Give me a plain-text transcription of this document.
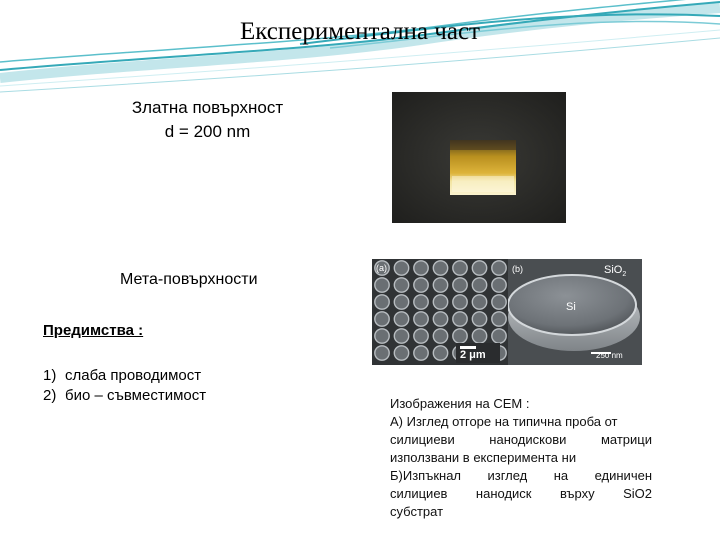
Експериментална част
Златна повърхност
d = 200 nm
Мета-повърхности
Предимства :
1) слаба проводимост
2) био – съвместимост
(a)
2 μm
(b)	SiO$_2$
Si
250 nm

Изображения на СЕМ :

А) Изглед отгоре на типична проба от

силициеви нанодискови матрици

използвани в експеримента ни

Б)Изпъкнал изглед на единичен

силициев нанодиск върху SiO2

субстрат
